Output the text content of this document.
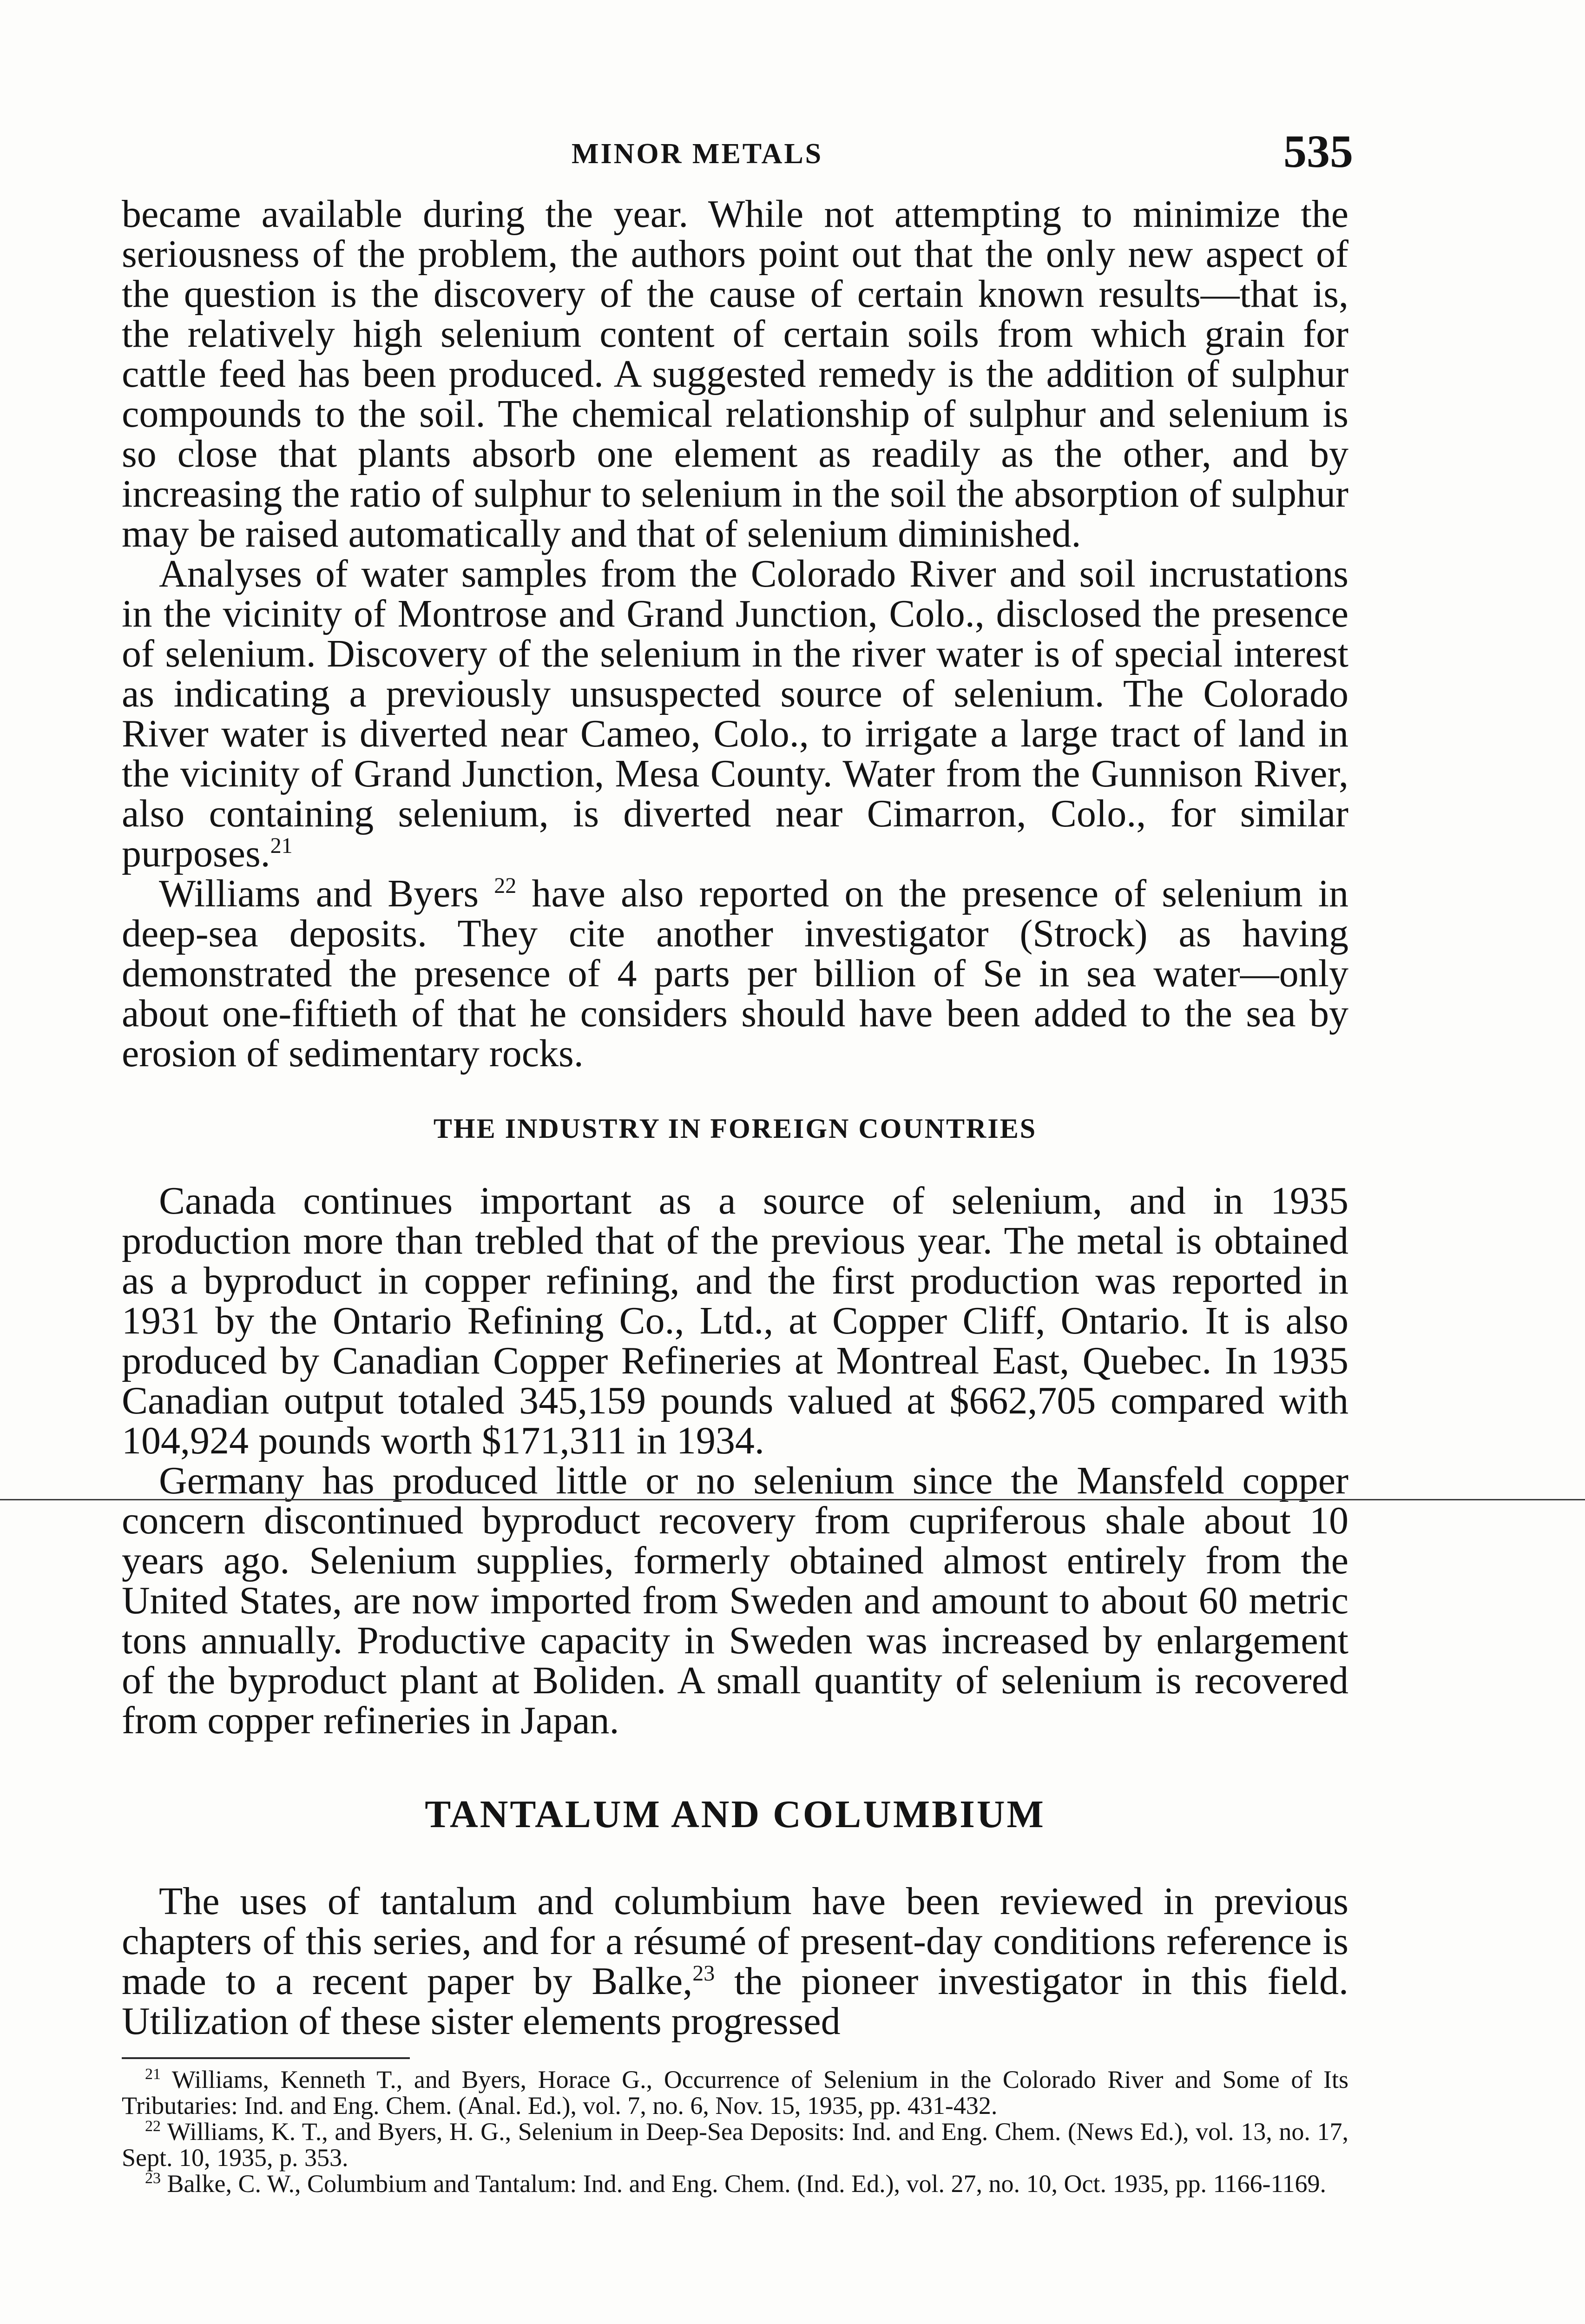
MINOR METALS	535

became available during the year. While not attempting to minimize the seriousness of the problem, the authors point out that the only new aspect of the question is the discovery of the cause of certain known results—that is, the relatively high selenium content of certain soils from which grain for cattle feed has been produced. A suggested remedy is the addition of sulphur compounds to the soil. The chemical relationship of sulphur and selenium is so close that plants absorb one element as readily as the other, and by increasing the ratio of sulphur to selenium in the soil the absorption of sulphur may be raised automatically and that of selenium diminished.

Analyses of water samples from the Colorado River and soil incrustations in the vicinity of Montrose and Grand Junction, Colo., disclosed the presence of selenium. Discovery of the selenium in the river water is of special interest as indicating a previously unsuspected source of selenium. The Colorado River water is diverted near Cameo, Colo., to irrigate a large tract of land in the vicinity of Grand Junction, Mesa County. Water from the Gunnison River, also containing selenium, is diverted near Cimarron, Colo., for similar purposes.$^{21}$

Williams and Byers $^{22}$ have also reported on the presence of selenium in deep-sea deposits. They cite another investigator (Strock) as having demonstrated the presence of 4 parts per billion of Se in sea water—only about one-fiftieth of that he considers should have been added to the sea by erosion of sedimentary rocks.

THE INDUSTRY IN FOREIGN COUNTRIES

Canada continues important as a source of selenium, and in 1935 production more than trebled that of the previous year. The metal is obtained as a byproduct in copper refining, and the first production was reported in 1931 by the Ontario Refining Co., Ltd., at Copper Cliff, Ontario. It is also produced by Canadian Copper Refineries at Montreal East, Quebec. In 1935 Canadian output totaled 345,159 pounds valued at $662,705 compared with 104,924 pounds worth $171,311 in 1934.

Germany has produced little or no selenium since the Mansfeld copper concern discontinued byproduct recovery from cupriferous shale about 10 years ago. Selenium supplies, formerly obtained almost entirely from the United States, are now imported from Sweden and amount to about 60 metric tons annually. Productive capacity in Sweden was increased by enlargement of the byproduct plant at Boliden. A small quantity of selenium is recovered from copper refineries in Japan.

TANTALUM AND COLUMBIUM

The uses of tantalum and columbium have been reviewed in previous chapters of this series, and for a résumé of present-day conditions reference is made to a recent paper by Balke,$^{23}$ the pioneer investigator in this field. Utilization of these sister elements progressed

$^{21}$ Williams, Kenneth T., and Byers, Horace G., Occurrence of Selenium in the Colorado River and Some of Its Tributaries: Ind. and Eng. Chem. (Anal. Ed.), vol. 7, no. 6, Nov. 15, 1935, pp. 431-432.

$^{22}$ Williams, K. T., and Byers, H. G., Selenium in Deep-Sea Deposits: Ind. and Eng. Chem. (News Ed.), vol. 13, no. 17, Sept. 10, 1935, p. 353.

$^{23}$ Balke, C. W., Columbium and Tantalum: Ind. and Eng. Chem. (Ind. Ed.), vol. 27, no. 10, Oct. 1935, pp. 1166-1169.
